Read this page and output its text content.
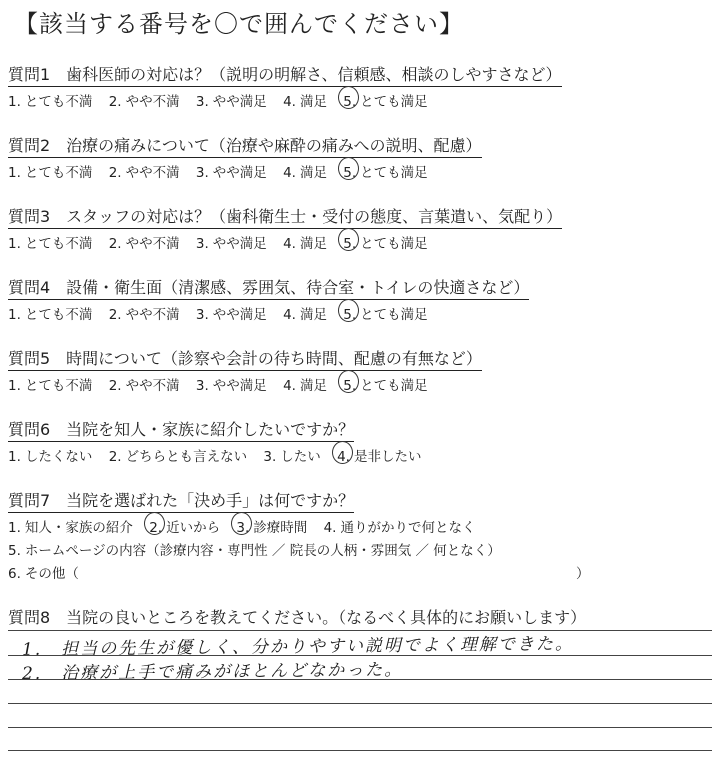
【該当する番号を〇で囲んでください】
質問1　歯科医師の対応は？（説明の明解さ、信頼感、相談のしやすさなど）
1. とても不満 2. やや不満 3. やや満足 4. 満足 5. とても満足
質問2　治療の痛みについて（治療や麻酔の痛みへの説明、配慮）
1. とても不満 2. やや不満 3. やや満足 4. 満足 5. とても満足
質問3　スタッフの対応は？（歯科衛生士・受付の態度、言葉遣い、気配り）
1. とても不満 2. やや不満 3. やや満足 4. 満足 5. とても満足
質問4　設備・衛生面（清潔感、雰囲気、待合室・トイレの快適さなど）
1. とても不満 2. やや不満 3. やや満足 4. 満足 5. とても満足
質問5　時間について（診察や会計の待ち時間、配慮の有無など）
1. とても不満 2. やや不満 3. やや満足 4. 満足 5. とても満足
質問6　当院を知人・家族に紹介したいですか？
1. したくない 2. どちらとも言えない 3. したい 4. 是非したい
質問7　当院を選ばれた「決め手」は何ですか？
1. 知人・家族の紹介 2. 近いから 3. 診療時間 4. 通りがかりで何となく
5. ホームページの内容（診療内容・専門性 ／ 院長の人柄・雰囲気 ／ 何となく）
6. その他（	）
質問8　当院の良いところを教えてください。（なるべく具体的にお願いします）
1.　担当の先生が優しく、分かりやすい説明でよく理解できた。
2.　治療が上手で痛みがほとんどなかった。
